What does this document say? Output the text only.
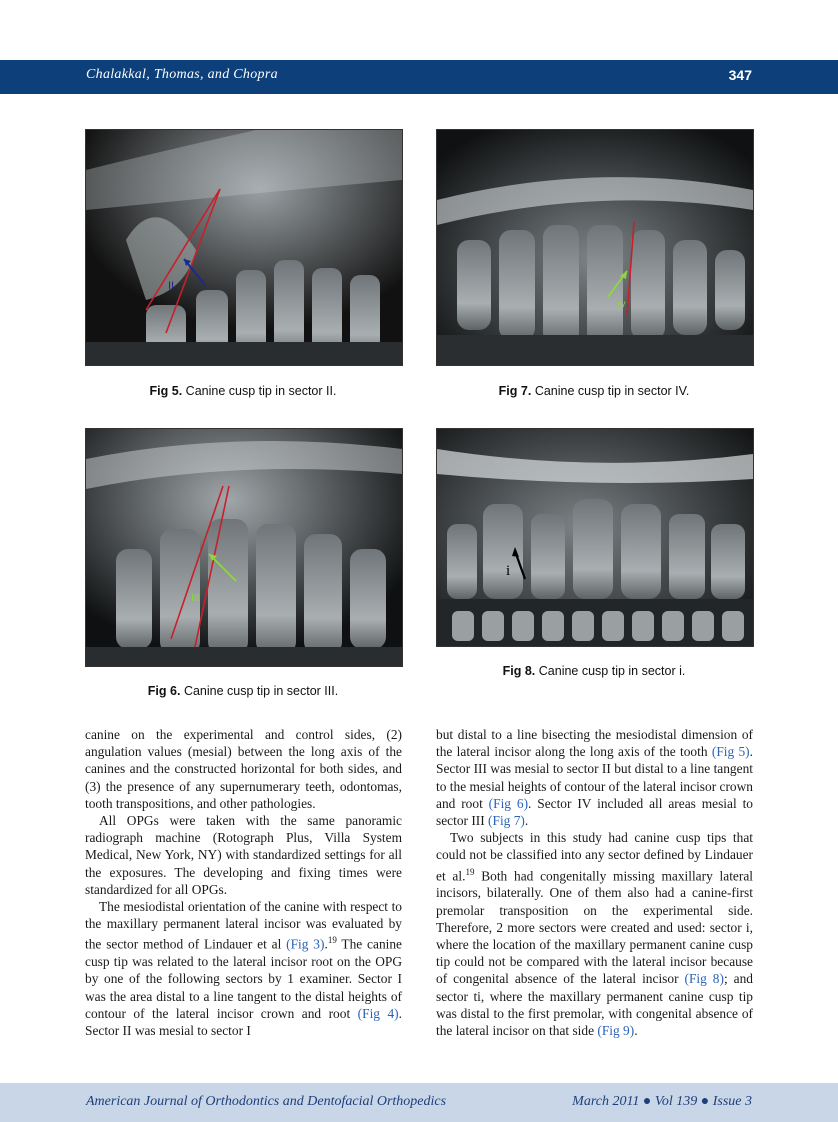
Chalakkal, Thomas, and Chopra	347
II
Fig 5. Canine cusp tip in sector II.
IV
Fig 7. Canine cusp tip in sector IV.
III
Fig 6. Canine cusp tip in sector III.
i
Fig 8. Canine cusp tip in sector i.

canine on the experimental and control sides, (2) angulation values (mesial) between the long axis of the canines and the constructed horizontal for both sides, and (3) the presence of any supernumerary teeth, odontomas, tooth transpositions, and other pathologies.

All OPGs were taken with the same panoramic radiograph machine (Rotograph Plus, Villa System Medical, New York, NY) with standardized settings for all the exposures. The developing and fixing times were standardized for all OPGs.

The mesiodistal orientation of the canine with respect to the maxillary permanent lateral incisor was evaluated by the sector method of Lindauer et al (Fig 3).$^{19}$ The canine cusp tip was related to the lateral incisor root on the OPG by one of the following sectors by 1 examiner. Sector I was the area distal to a line tangent to the distal heights of contour of the lateral incisor crown and root (Fig 4). Sector II was mesial to sector I

but distal to a line bisecting the mesiodistal dimension of the lateral incisor along the long axis of the tooth (Fig 5). Sector III was mesial to sector II but distal to a line tangent to the mesial heights of contour of the lateral incisor crown and root (Fig 6). Sector IV included all areas mesial to sector III (Fig 7).

Two subjects in this study had canine cusp tips that could not be classified into any sector defined by Lindauer et al.$^{19}$ Both had congenitally missing maxillary lateral incisors, bilaterally. One of them also had a canine-first premolar transposition on the experimental side. Therefore, 2 more sectors were created and used: sector i, where the location of the maxillary permanent canine cusp tip could not be compared with the lateral incisor because of congenital absence of the lateral incisor (Fig 8); and sector ti, where the maxillary permanent canine cusp tip was distal to the first premolar, with congenital absence of the lateral incisor on that side (Fig 9).

American Journal of Orthodontics and Dentofacial Orthopedics	March 2011 ● Vol 139 ● Issue 3
